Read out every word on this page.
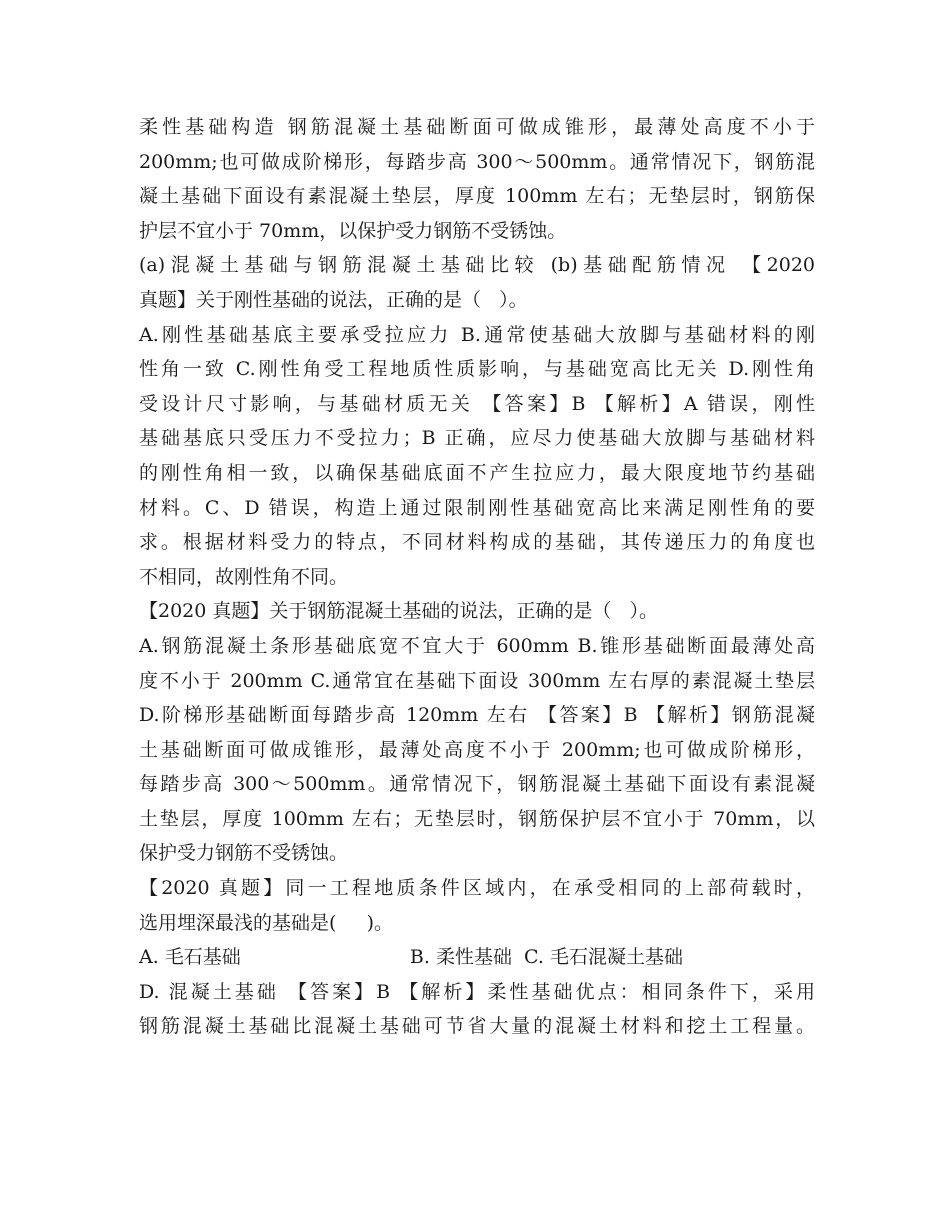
柔性基础构造 钢筋混凝土基础断面可做成锥形，最薄处高度不小于
200mm;也可做成阶梯形，每踏步高 300～500mm。通常情况下，钢筋混
凝土基础下面设有素混凝土垫层，厚度 100mm 左右；无垫层时，钢筋保
护层不宜小于 70mm，以保护受力钢筋不受锈蚀。
(a)混凝土基础与钢筋混凝土基础比较 (b)基础配筋情况 【2020
真题】关于刚性基础的说法，正确的是（   ）。
A.刚性基础基底主要承受拉应力 B.通常使基础大放脚与基础材料的刚
性角一致 C.刚性角受工程地质性质影响，与基础宽高比无关 D.刚性角
受设计尺寸影响，与基础材质无关 【答案】B 【解析】A 错误，刚性
基础基底只受压力不受拉力；B 正确，应尽力使基础大放脚与基础材料
的刚性角相一致，以确保基础底面不产生拉应力，最大限度地节约基础
材料。C、D 错误，构造上通过限制刚性基础宽高比来满足刚性角的要
求。根据材料受力的特点，不同材料构成的基础，其传递压力的角度也
不相同，故刚性角不同。
【2020 真题】关于钢筋混凝土基础的说法，正确的是（   ）。
A.钢筋混凝土条形基础底宽不宜大于 600mm B.锥形基础断面最薄处高
度不小于 200mm C.通常宜在基础下面设 300mm 左右厚的素混凝土垫层
D.阶梯形基础断面每踏步高 120mm 左右 【答案】B 【解析】钢筋混凝
土基础断面可做成锥形，最薄处高度不小于 200mm;也可做成阶梯形，
每踏步高 300～500mm。通常情况下，钢筋混凝土基础下面设有素混凝
土垫层，厚度 100mm 左右；无垫层时，钢筋保护层不宜小于 70mm，以
保护受力钢筋不受锈蚀。
【2020 真题】同一工程地质条件区域内，在承受相同的上部荷载时，
选用埋深最浅的基础是(     )。
A. 毛石基础                            B. 柔性基础  C. 毛石混凝土基础
D. 混凝土基础 【答案】B 【解析】柔性基础优点：相同条件下，采用
钢筋混凝土基础比混凝土基础可节省大量的混凝土材料和挖土工程量。
